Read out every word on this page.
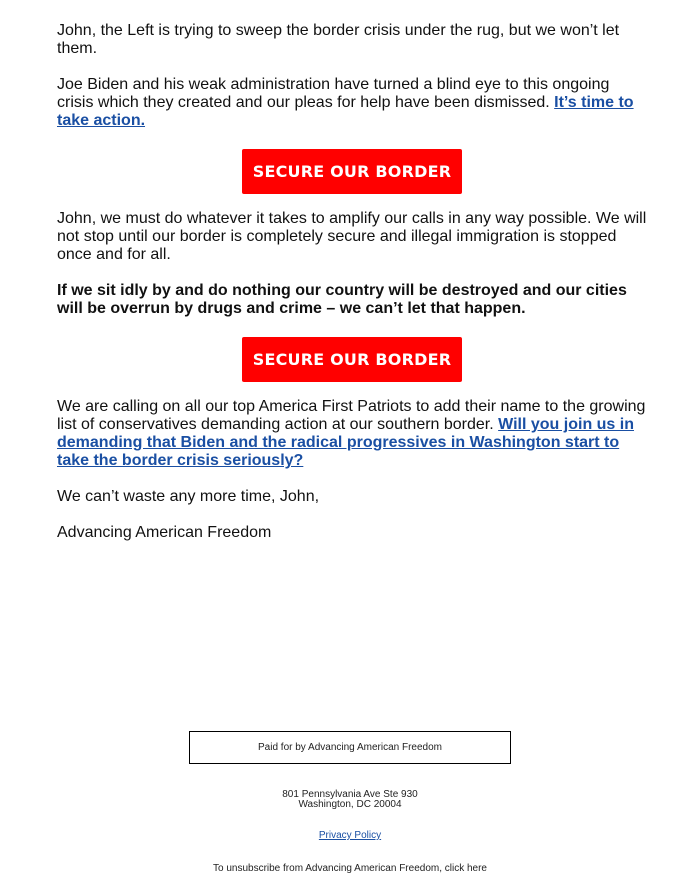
John, the Left is trying to sweep the border crisis under the rug, but we won’t let them.

Joe Biden and his weak administration have turned a blind eye to this ongoing crisis which they created and our pleas for help have been dismissed. It’s time to take action.

SECURE OUR BORDER

John, we must do whatever it takes to amplify our calls in any way possible. We will not stop until our border is completely secure and illegal immigration is stopped once and for all.

If we sit idly by and do nothing our country will be destroyed and our cities will be overrun by drugs and crime – we can’t let that happen.

SECURE OUR BORDER

We are calling on all our top America First Patriots to add their name to the growing list of conservatives demanding action at our southern border. Will you join us in demanding that Biden and the radical progressives in Washington start to take the border crisis seriously?

We can’t waste any more time, John,

Advancing American Freedom

Paid for by Advancing American Freedom
801 Pennsylvania Ave Ste 930
Washington, DC 20004
Privacy Policy
To unsubscribe from Advancing American Freedom, click here
